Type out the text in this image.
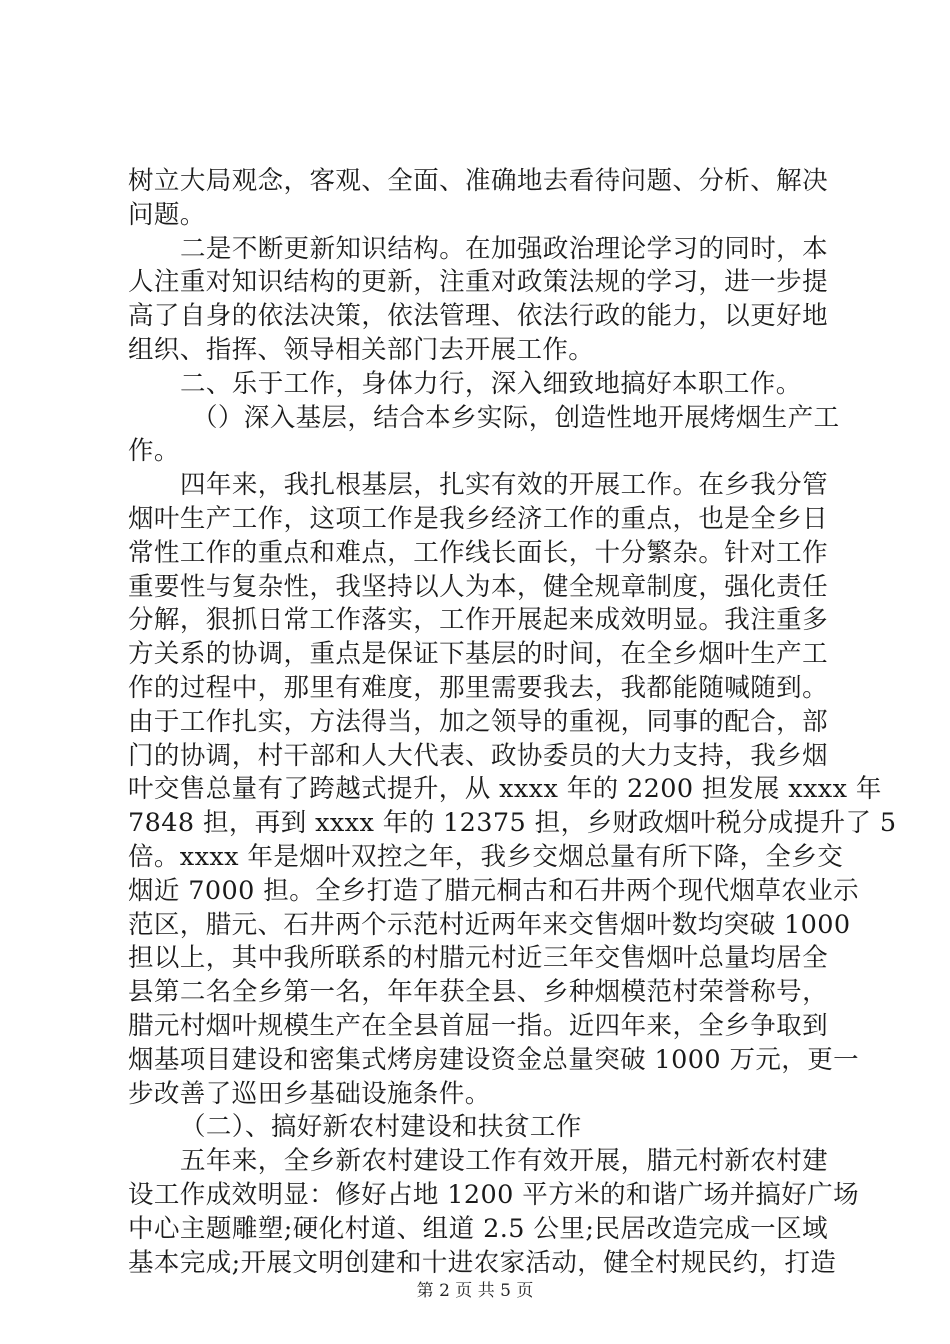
树立大局观念，客观、全面、准确地去看待问题、分析、解决
问题。
二是不断更新知识结构。在加强政治理论学习的同时，本
人注重对知识结构的更新，注重对政策法规的学习，进一步提
高了自身的依法决策，依法管理、依法行政的能力，以更好地
组织、指挥、领导相关部门去开展工作。
二、乐于工作，身体力行，深入细致地搞好本职工作。
（）深入基层，结合本乡实际，创造性地开展烤烟生产工
作。
四年来，我扎根基层，扎实有效的开展工作。在乡我分管
烟叶生产工作，这项工作是我乡经济工作的重点，也是全乡日
常性工作的重点和难点，工作线长面长，十分繁杂。针对工作
重要性与复杂性，我坚持以人为本，健全规章制度，强化责任
分解，狠抓日常工作落实，工作开展起来成效明显。我注重多
方关系的协调，重点是保证下基层的时间，在全乡烟叶生产工
作的过程中，那里有难度，那里需要我去，我都能随喊随到。
由于工作扎实，方法得当，加之领导的重视，同事的配合，部
门的协调，村干部和人大代表、政协委员的大力支持，我乡烟
叶交售总量有了跨越式提升，从 xxxx 年的 2200 担发展 xxxx 年
7848 担，再到 xxxx 年的 12375 担，乡财政烟叶税分成提升了 5
倍。xxxx 年是烟叶双控之年，我乡交烟总量有所下降，全乡交
烟近 7000 担。全乡打造了腊元桐古和石井两个现代烟草农业示
范区，腊元、石井两个示范村近两年来交售烟叶数均突破 1000
担以上，其中我所联系的村腊元村近三年交售烟叶总量均居全
县第二名全乡第一名，年年获全县、乡种烟模范村荣誉称号，
腊元村烟叶规模生产在全县首屈一指。近四年来，全乡争取到
烟基项目建设和密集式烤房建设资金总量突破 1000 万元，更一
步改善了巡田乡基础设施条件。
（二）、搞好新农村建设和扶贫工作
五年来，全乡新农村建设工作有效开展，腊元村新农村建
设工作成效明显：修好占地 1200 平方米的和谐广场并搞好广场
中心主题雕塑;硬化村道、组道 2.5 公里;民居改造完成一区域
基本完成;开展文明创建和十进农家活动，健全村规民约，打造
第 2 页 共 5 页
